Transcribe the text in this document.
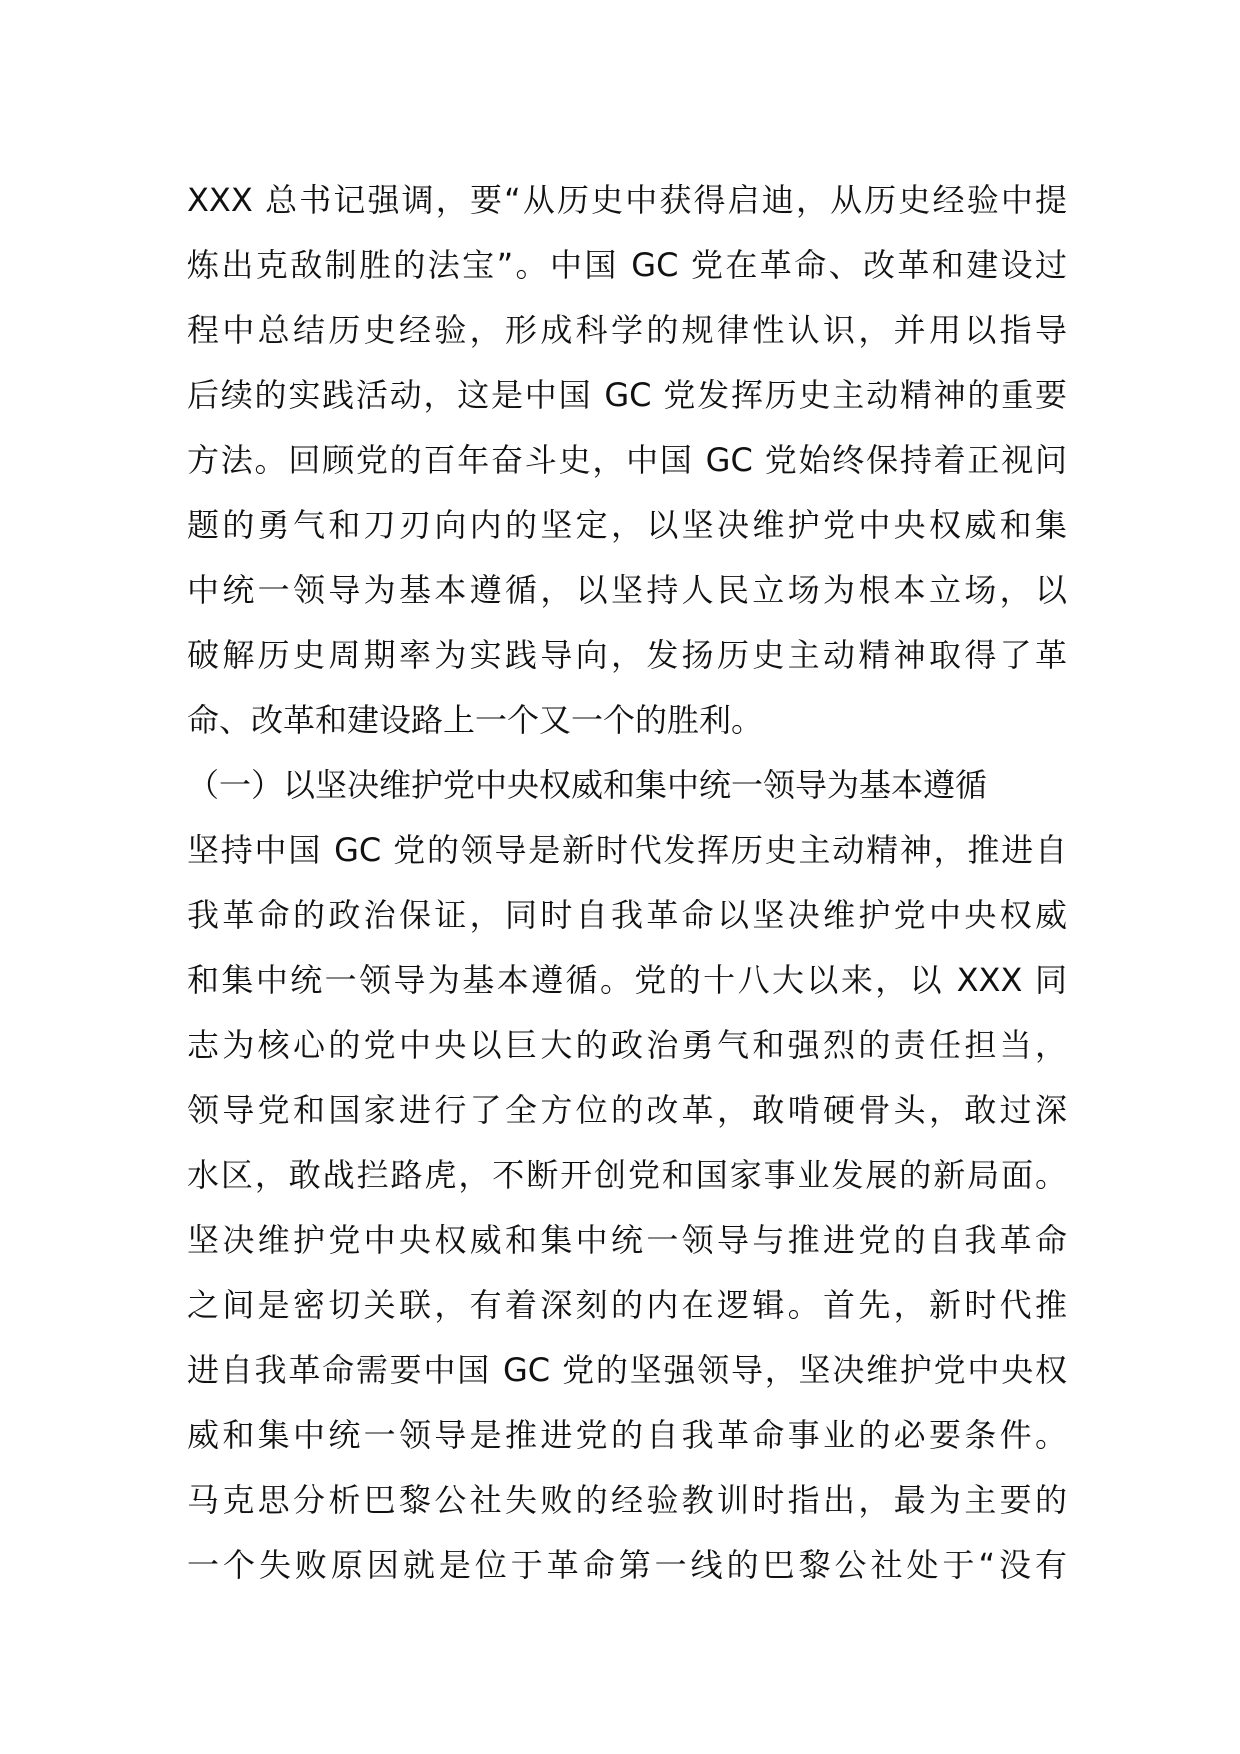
XXX 总书记强调，要“从历史中获得启迪，从历史经验中提
炼出克敌制胜的法宝”。中国 GC 党在革命、改革和建设过
程中总结历史经验，形成科学的规律性认识，并用以指导
后续的实践活动，这是中国 GC 党发挥历史主动精神的重要
方法。回顾党的百年奋斗史，中国 GC 党始终保持着正视问
题的勇气和刀刃向内的坚定，以坚决维护党中央权威和集
中统一领导为基本遵循，以坚持人民立场为根本立场，以
破解历史周期率为实践导向，发扬历史主动精神取得了革
命、改革和建设路上一个又一个的胜利。
（一）以坚决维护党中央权威和集中统一领导为基本遵循
坚持中国 GC 党的领导是新时代发挥历史主动精神，推进自
我革命的政治保证，同时自我革命以坚决维护党中央权威
和集中统一领导为基本遵循。党的十八大以来，以 XXX 同
志为核心的党中央以巨大的政治勇气和强烈的责任担当，
领导党和国家进行了全方位的改革，敢啃硬骨头，敢过深
水区，敢战拦路虎，不断开创党和国家事业发展的新局面。
坚决维护党中央权威和集中统一领导与推进党的自我革命
之间是密切关联，有着深刻的内在逻辑。首先，新时代推
进自我革命需要中国 GC 党的坚强领导，坚决维护党中央权
威和集中统一领导是推进党的自我革命事业的必要条件。
马克思分析巴黎公社失败的经验教训时指出，最为主要的
一个失败原因就是位于革命第一线的巴黎公社处于“没有
